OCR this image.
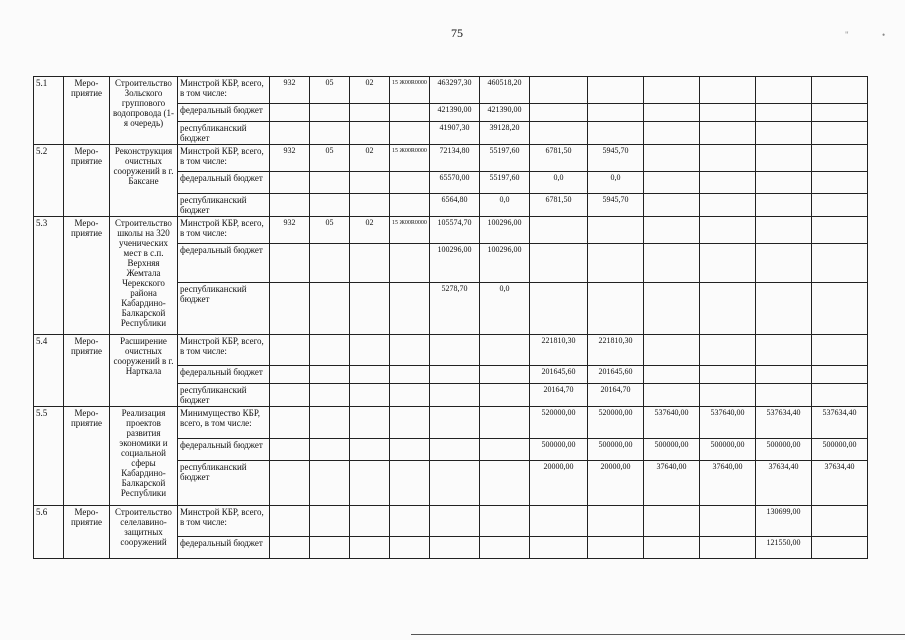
75	"	•
5.1	Меро-приятие	Строительство Зольского группового водопровода (1-я очередь)	Минстрой КБР, всего, в том числе:	932	05	02	15 Ж00R0000	463297,30	460518,20						
			федеральный бюджет					421390,00	421390,00						
			республиканский бюджет					41907,30	39128,20						
5.2	Меро-приятие	Реконструкция очистных сооружений в г. Баксане	Минстрой КБР, всего, в том числе:	932	05	02	15 Ж00R0000	72134,80	55197,60	6781,50	5945,70				
			федеральный бюджет					65570,00	55197,60	0,0	0,0				
			республиканский бюджет					6564,80	0,0	6781,50	5945,70				
5.3	Меро-приятие	Строительство школы на 320 ученических мест в с.п. Верхняя Жемтала Черекского района Кабардино-Балкарской Республики	Минстрой КБР, всего, в том числе:	932	05	02	15 Ж00R0000	105574,70	100296,00						
			федеральный бюджет					100296,00	100296,00						
			республиканский бюджет					5278,70	0,0						
5.4	Меро-приятие	Расширение очистных сооружений в г. Нарткала	Минстрой КБР, всего, в том числе:							221810,30	221810,30				
			федеральный бюджет							201645,60	201645,60				
			республиканский бюджет							20164,70	20164,70				
5.5	Меро-приятие	Реализация проектов развития экономики и социальной сферы Кабардино-Балкарской Республики	Минимущество КБР, всего, в том числе:							520000,00	520000,00	537640,00	537640,00	537634,40	537634,40
			федеральный бюджет							500000,00	500000,00	500000,00	500000,00	500000,00	500000,00
			республиканский бюджет							20000,00	20000,00	37640,00	37640,00	37634,40	37634,40
5.6	Меро-приятие	Строительство селелавино-защитных сооружений	Минстрой КБР, всего, в том числе:											130699,00	
			федеральный бюджет											121550,00	
